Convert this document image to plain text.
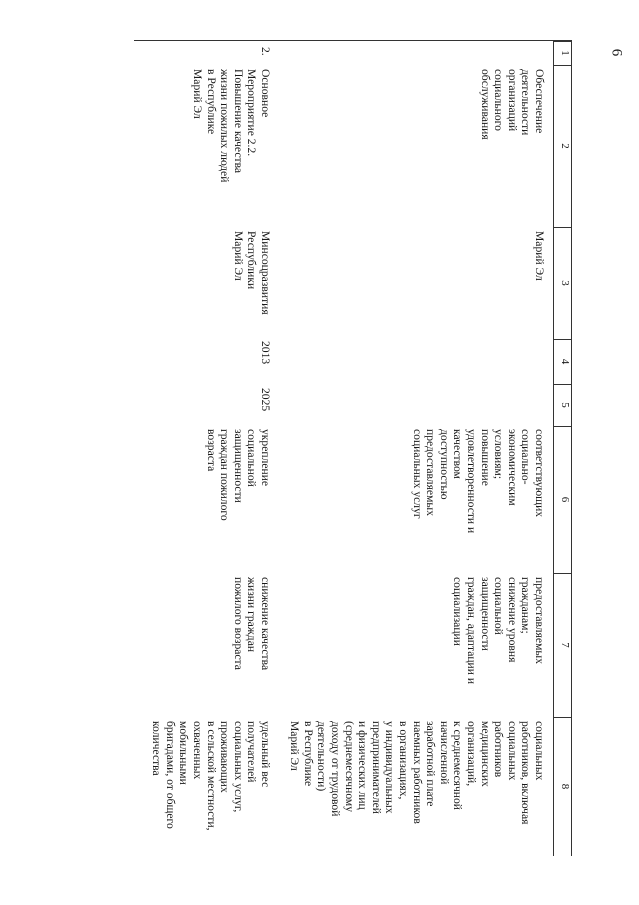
6
1
2
3
4
5
6
7
8
Обеспечение
деятельности
организаций
социального
обслуживания
Марий Эл
соответствующих
социально-
экономическим
условиям;
повышение
удовлетворенности и
качеством
доступностью
предоставляемых
социальных услуг
предоставляемых
гражданам;
снижение уровня
социальной
защищенности
граждан, адаптации и
социализации
социальных
работников, включая
социальных
работников
медицинских
организаций,
к среднемесячной
начисленной
заработной плате
наемных работников
в организациях,
у индивидуальных
предпринимателей
и физических лиц
(среднемесячному
доходу от трудовой
деятельности)
в Республике
Марий Эл
2.
Основное
Мероприятие 2.2.
Повышение качества
жизни пожилых людей
в Республике
Марий Эл
Минсоцразвития
Республики
Марий Эл
2013
2025
укрепление
социальной
защищенности
граждан пожилого
возраста
снижение качества
жизни граждан
пожилого возраста
удельный вес
получателей
социальных услуг,
проживающих
в сельской местности,
охваченных
мобильными
бригадами, от общего
количества
